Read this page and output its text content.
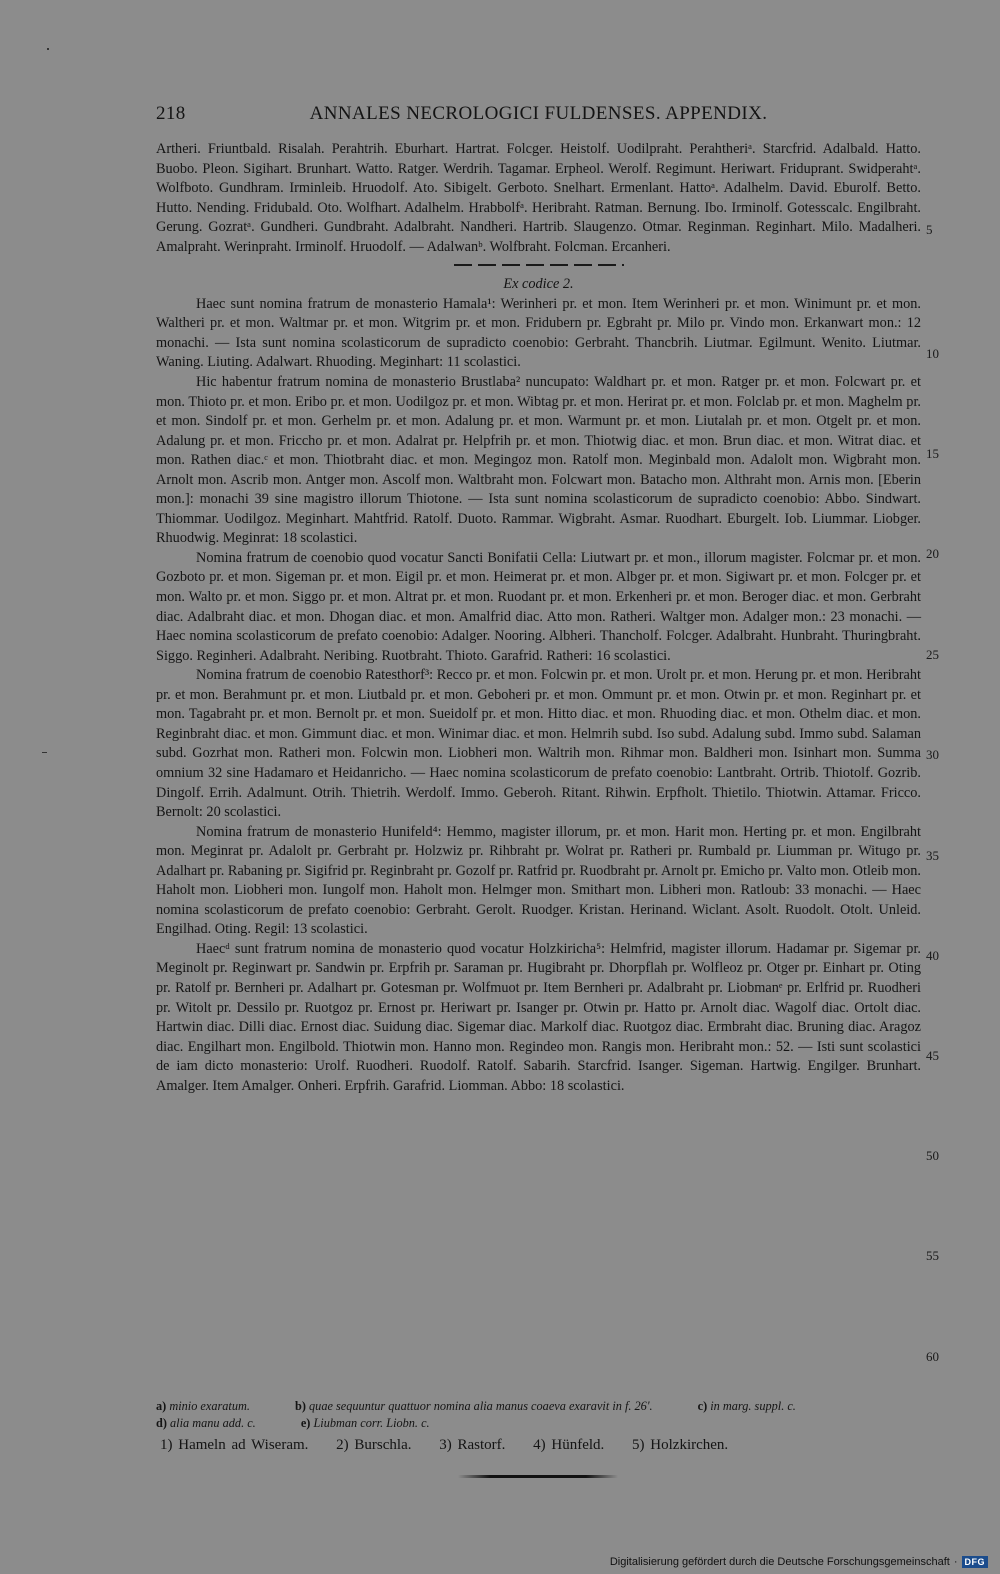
218	ANNALES NECROLOGICI FULDENSES. APPENDIX.

Artheri. Friuntbald. Risalah. Perahtrih. Eburhart. Hartrat. Folcger. Heistolf. Uodilpraht. Perahtheriᵃ. Starcfrid. Adalbald. Hatto. Buobo. Pleon. Sigihart. Brunhart. Watto. Ratger. Werdrih. Tagamar. Erpheol. Werolf. Regimunt. Heriwart. Friduprant. Swidperahtᵃ. Wolfboto. Gundhram. Irminleib. Hruodolf. Ato. Sibigelt. Gerboto. Snelhart. Ermenlant. Hattoᵃ. Adalhelm. David. Eburolf. Betto. Hutto. Nending. Fridubald. Oto. Wolfhart. Adalhelm. Hrabbolfᵃ. Heribraht. Ratman. Bernung. Ibo. Irminolf. Gotesscalc. Engilbraht. Gerung. Gozratᵃ. Gundheri. Gundbraht. Adalbraht. Nandheri. Hartrib. Slaugenzo. Otmar. Reginman. Reginhart. Milo. Madalheri. Amalpraht. Werinpraht. Irminolf. Hruodolf. — Adalwanᵇ. Wolfbraht. Folcman. Ercanheri.

Ex codice 2.

Haec sunt nomina fratrum de monasterio Hamala¹: Werinheri pr. et mon. Item Werinheri pr. et mon. Winimunt pr. et mon. Waltheri pr. et mon. Waltmar pr. et mon. Witgrim pr. et mon. Fridubern pr. Egbraht pr. Milo pr. Vindo mon. Erkanwart mon.: 12 monachi. — Ista sunt nomina scolasticorum de supradicto coenobio: Gerbraht. Thancbrih. Liutmar. Egilmunt. Wenito. Liutmar. Waning. Liuting. Adalwart. Rhuoding. Meginhart: 11 scolastici.

Hic habentur fratrum nomina de monasterio Brustlaba² nuncupato: Waldhart pr. et mon. Ratger pr. et mon. Folcwart pr. et mon. Thioto pr. et mon. Eribo pr. et mon. Uodilgoz pr. et mon. Wibtag pr. et mon. Herirat pr. et mon. Folclab pr. et mon. Maghelm pr. et mon. Sindolf pr. et mon. Gerhelm pr. et mon. Adalung pr. et mon. Warmunt pr. et mon. Liutalah pr. et mon. Otgelt pr. et mon. Adalung pr. et mon. Friccho pr. et mon. Adalrat pr. Helpfrih pr. et mon. Thiotwig diac. et mon. Brun diac. et mon. Witrat diac. et mon. Rathen diac.ᶜ et mon. Thiotbraht diac. et mon. Megingoz mon. Ratolf mon. Meginbald mon. Adalolt mon. Wigbraht mon. Arnolt mon. Ascrib mon. Antger mon. Ascolf mon. Waltbraht mon. Folcwart mon. Batacho mon. Althraht mon. Arnis mon. [Eberin mon.]: monachi 39 sine magistro illorum Thiotone. — Ista sunt nomina scolasticorum de supradicto coenobio: Abbo. Sindwart. Thiommar. Uodilgoz. Meginhart. Mahtfrid. Ratolf. Duoto. Rammar. Wigbraht. Asmar. Ruodhart. Eburgelt. Iob. Liummar. Liobger. Rhuodwig. Meginrat: 18 scolastici.

Nomina fratrum de coenobio quod vocatur Sancti Bonifatii Cella: Liutwart pr. et mon., illorum magister. Folcmar pr. et mon. Gozboto pr. et mon. Sigeman pr. et mon. Eigil pr. et mon. Heimerat pr. et mon. Albger pr. et mon. Sigiwart pr. et mon. Folcger pr. et mon. Walto pr. et mon. Siggo pr. et mon. Altrat pr. et mon. Ruodant pr. et mon. Erkenheri pr. et mon. Beroger diac. et mon. Gerbraht diac. Adalbraht diac. et mon. Dhogan diac. et mon. Amalfrid diac. Atto mon. Ratheri. Waltger mon. Adalger mon.: 23 monachi. — Haec nomina scolasticorum de prefato coenobio: Adalger. Nooring. Albheri. Thancholf. Folcger. Adalbraht. Hunbraht. Thuringbraht. Siggo. Reginheri. Adalbraht. Neribing. Ruotbraht. Thioto. Garafrid. Ratheri: 16 scolastici.

Nomina fratrum de coenobio Ratesthorf³: Recco pr. et mon. Folcwin pr. et mon. Urolt pr. et mon. Herung pr. et mon. Heribraht pr. et mon. Berahmunt pr. et mon. Liutbald pr. et mon. Geboheri pr. et mon. Ommunt pr. et mon. Otwin pr. et mon. Reginhart pr. et mon. Tagabraht pr. et mon. Bernolt pr. et mon. Sueidolf pr. et mon. Hitto diac. et mon. Rhuoding diac. et mon. Othelm diac. et mon. Reginbraht diac. et mon. Gimmunt diac. et mon. Winimar diac. et mon. Helmrih subd. Iso subd. Adalung subd. Immo subd. Salaman subd. Gozrhat mon. Ratheri mon. Folcwin mon. Liobheri mon. Waltrih mon. Rihmar mon. Baldheri mon. Isinhart mon. Summa omnium 32 sine Hadamaro et Heidanricho. — Haec nomina scolasticorum de prefato coenobio: Lantbraht. Ortrib. Thiotolf. Gozrib. Dingolf. Errih. Adalmunt. Otrih. Thietrih. Werdolf. Immo. Geberoh. Ritant. Rihwin. Erpfholt. Thietilo. Thiotwin. Attamar. Fricco. Bernolt: 20 scolastici.

Nomina fratrum de monasterio Hunifeld⁴: Hemmo, magister illorum, pr. et mon. Harit mon. Herting pr. et mon. Engilbraht mon. Meginrat pr. Adalolt pr. Gerbraht pr. Holzwiz pr. Rihbraht pr. Wolrat pr. Ratheri pr. Rumbald pr. Liumman pr. Witugo pr. Adalhart pr. Rabaning pr. Sigifrid pr. Reginbraht pr. Gozolf pr. Ratfrid pr. Ruodbraht pr. Arnolt pr. Emicho pr. Valto mon. Otleib mon. Haholt mon. Liobheri mon. Iungolf mon. Haholt mon. Helmger mon. Smithart mon. Libheri mon. Ratloub: 33 monachi. — Haec nomina scolasticorum de prefato coenobio: Gerbraht. Gerolt. Ruodger. Kristan. Herinand. Wiclant. Asolt. Ruodolt. Otolt. Unleid. Engilhad. Oting. Regil: 13 scolastici.

Haecᵈ sunt fratrum nomina de monasterio quod vocatur Holzkiricha⁵: Helmfrid, magister illorum. Hadamar pr. Sigemar pr. Meginolt pr. Reginwart pr. Sandwin pr. Erpfrih pr. Saraman pr. Hugibraht pr. Dhorpflah pr. Wolfleoz pr. Otger pr. Einhart pr. Oting pr. Ratolf pr. Bernheri pr. Adalhart pr. Gotesman pr. Wolfmuot pr. Item Bernheri pr. Adalbraht pr. Liobmanᵉ pr. Erlfrid pr. Ruodheri pr. Witolt pr. Dessilo pr. Ruotgoz pr. Ernost pr. Heriwart pr. Isanger pr. Otwin pr. Hatto pr. Arnolt diac. Wagolf diac. Ortolt diac. Hartwin diac. Dilli diac. Ernost diac. Suidung diac. Sigemar diac. Markolf diac. Ruotgoz diac. Ermbraht diac. Bruning diac. Aragoz diac. Engilhart mon. Engilbold. Thiotwin mon. Hanno mon. Regindeo mon. Rangis mon. Heribraht mon.: 52. — Isti sunt scolastici de iam dicto monasterio: Urolf. Ruodheri. Ruodolf. Ratolf. Sabarih. Starcfrid. Isanger. Sigeman. Hartwig. Engilger. Brunhart. Amalger. Item Amalger. Onheri. Erpfrih. Garafrid. Liomman. Abbo: 18 scolastici.

5
10
15
20
25
30
35
40
45
50
55
60
a) minio exaratum.	b) quae sequuntur quattuor nomina alia manus coaeva exaravit in f. 26'.	c) in marg. suppl. c.
d) alia manu add. c.	e) Liubman corr. Liobn. c.
1) Hameln ad Wiseram. 2) Burschla. 3) Rastorf. 4) Hünfeld. 5) Holzkirchen.
Digitalisierung gefördert durch die Deutsche Forschungsgemeinschaft · DFG
